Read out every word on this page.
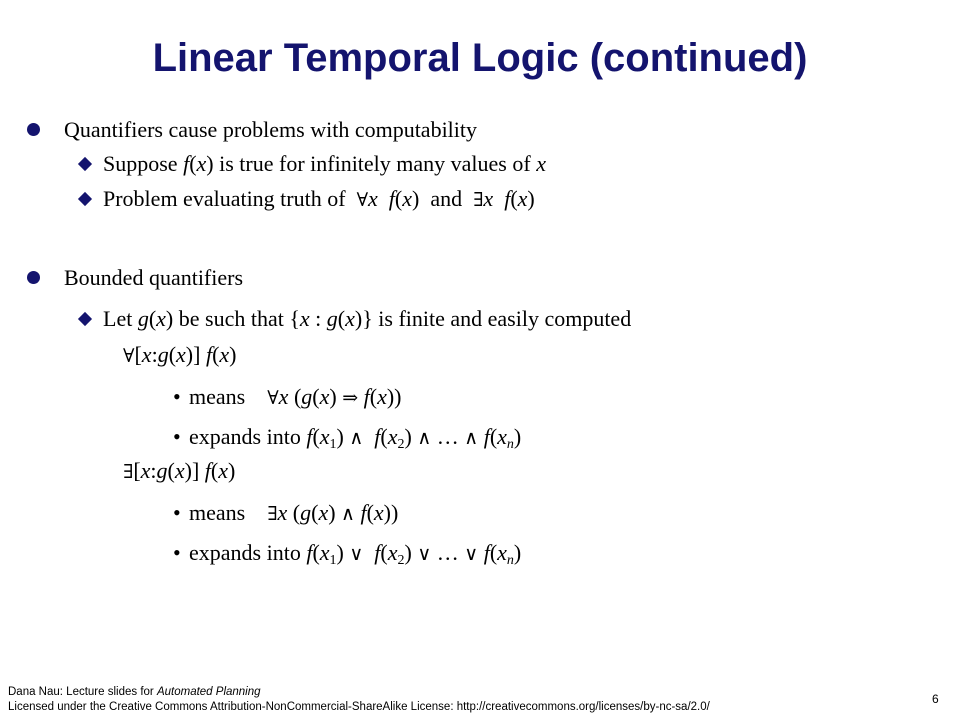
Linear Temporal Logic (continued)
Quantifiers cause problems with computability
Suppose f(x) is true for infinitely many values of x
Problem evaluating truth of ∀x f(x)  and ∃x f(x)
Bounded quantifiers
Let g(x) be such that {x : g(x)} is finite and easily computed
∀[x:g(x)] f(x)
• means ∀x (g(x) ⇒ f(x))
• expands into $f(x_1)$ ∧ $f(x_2)$ ∧ … ∧ $f(x_n)$
∃[x:g(x)] f(x)
• means ∃x (g(x) ∧ f(x))
• expands into $f(x_1)$ ∨ $f(x_2)$ ∨ … ∨ $f(x_n)$
Dana Nau: Lecture slides for Automated Planning
Licensed under the Creative Commons Attribution-NonCommercial-ShareAlike License: http://creativecommons.org/licenses/by-nc-sa/2.0/
6
